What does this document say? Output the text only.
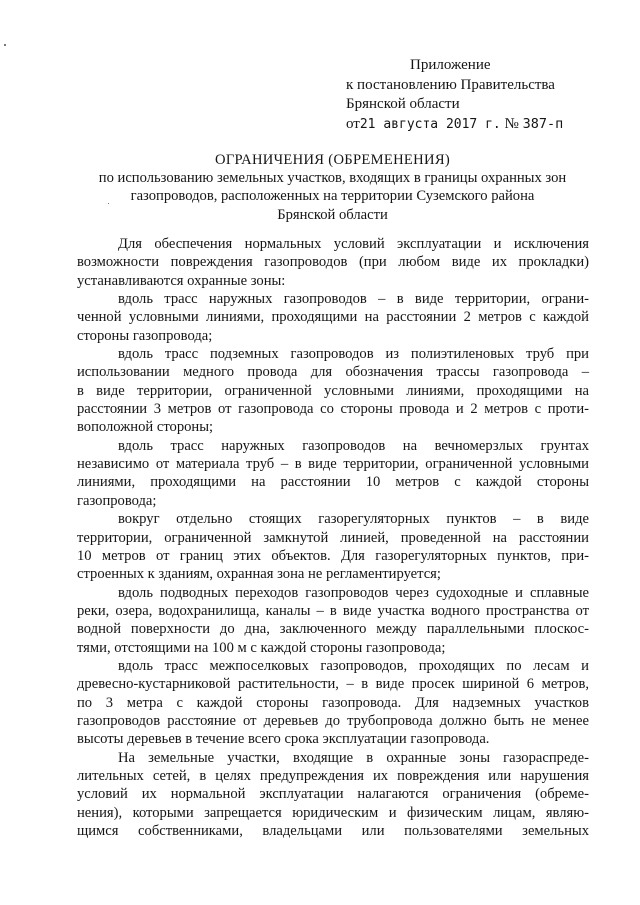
Приложение
к постановлению Правительства
Брянской области
от21 августа 2017 г. № 387-п
ОГРАНИЧЕНИЯ (ОБРЕМЕНЕНИЯ)
по использованию земельных участков, входящих в границы охранных зон
газопроводов, расположенных на территории Суземского района
Брянской области
Для обеспечения нормальных условий эксплуатации и исключения
возможности повреждения газопроводов (при любом виде их прокладки)
устанавливаются охранные зоны:
вдоль трасс наружных газопроводов – в виде территории, ограни-
ченной условными линиями, проходящими на расстоянии 2 метров с каждой
стороны газопровода;
вдоль трасс подземных газопроводов из полиэтиленовых труб при
использовании медного провода для обозначения трассы газопровода –
в виде территории, ограниченной условными линиями, проходящими на
расстоянии 3 метров от газопровода со стороны провода и 2 метров с проти-
воположной стороны;
вдоль трасс наружных газопроводов на вечномерзлых грунтах
независимо от материала труб – в виде территории, ограниченной условными
линиями, проходящими на расстоянии 10 метров с каждой стороны
газопровода;
вокруг отдельно стоящих газорегуляторных пунктов – в виде
территории, ограниченной замкнутой линией, проведенной на расстоянии
10 метров от границ этих объектов. Для газорегуляторных пунктов, при-
строенных к зданиям, охранная зона не регламентируется;
вдоль подводных переходов газопроводов через судоходные и сплавные
реки, озера, водохранилища, каналы – в виде участка водного пространства от
водной поверхности до дна, заключенного между параллельными плоскос-
тями, отстоящими на 100 м с каждой стороны газопровода;
вдоль трасс межпоселковых газопроводов, проходящих по лесам и
древесно-кустарниковой растительности, – в виде просек шириной 6 метров,
по 3 метра с каждой стороны газопровода. Для надземных участков
газопроводов расстояние от деревьев до трубопровода должно быть не менее
высоты деревьев в течение всего срока эксплуатации газопровода.
На земельные участки, входящие в охранные зоны газораспреде-
лительных сетей, в целях предупреждения их повреждения или нарушения
условий их нормальной эксплуатации налагаются ограничения (обреме-
нения), которыми запрещается юридическим и физическим лицам, являю-
щимся собственниками, владельцами или пользователями земельных
